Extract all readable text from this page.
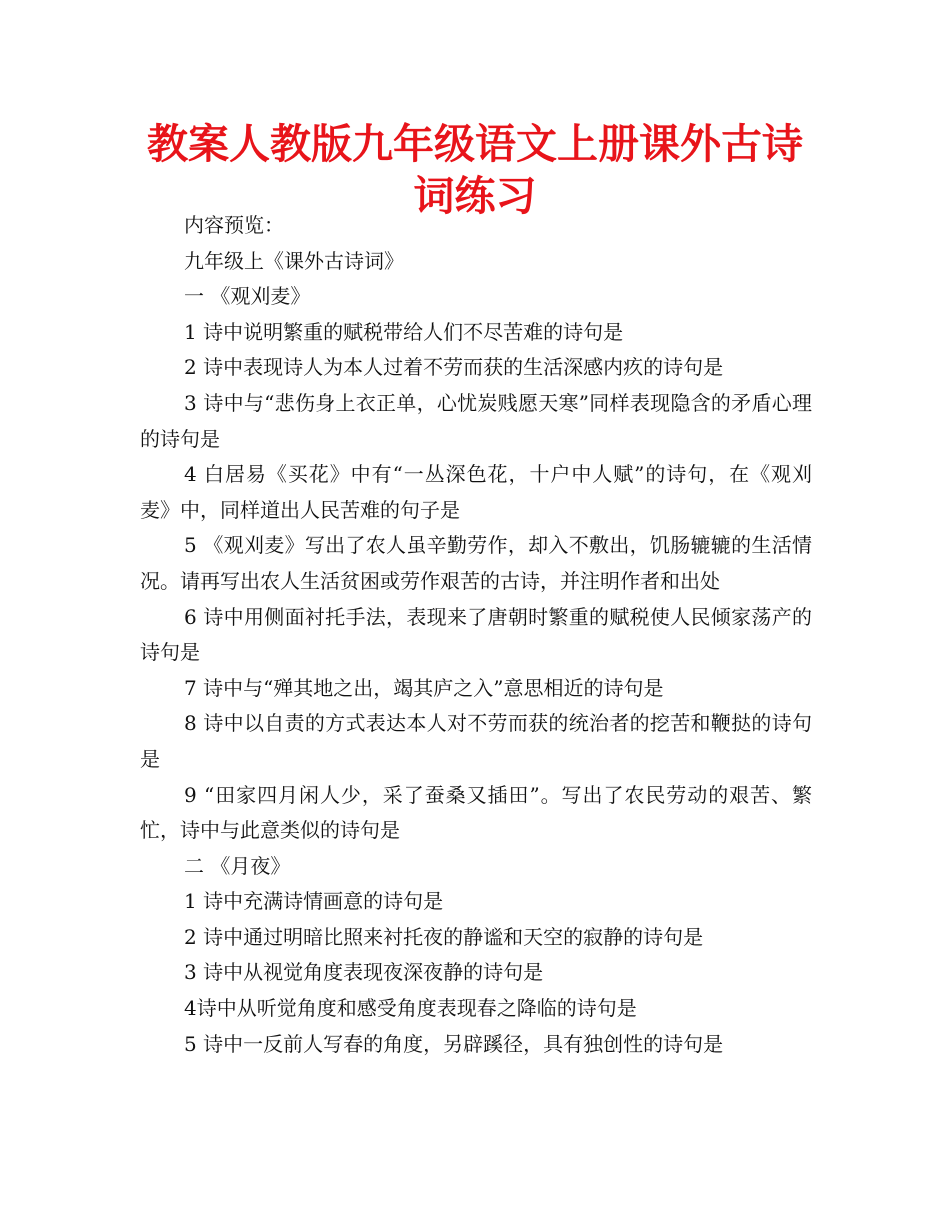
教案人教版九年级语文上册课外古诗词练习

内容预览：

九年级上《课外古诗词》

一 《观刈麦》

1 诗中说明繁重的赋税带给人们不尽苦难的诗句是

2 诗中表现诗人为本人过着不劳而获的生活深感内疚的诗句是

3 诗中与“悲伤身上衣正单，心忧炭贱愿天寒”同样表现隐含的矛盾心理的诗句是

4 白居易《买花》中有“一丛深色花，十户中人赋”的诗句，在《观刈麦》中，同样道出人民苦难的句子是

5 《观刈麦》写出了农人虽辛勤劳作，却入不敷出，饥肠辘辘的生活情况。请再写出农人生活贫困或劳作艰苦的古诗，并注明作者和出处

6 诗中用侧面衬托手法，表现来了唐朝时繁重的赋税使人民倾家荡产的诗句是

7 诗中与“殚其地之出，竭其庐之入”意思相近的诗句是

8 诗中以自责的方式表达本人对不劳而获的统治者的挖苦和鞭挞的诗句是

9 “田家四月闲人少，采了蚕桑又插田”。写出了农民劳动的艰苦、繁忙，诗中与此意类似的诗句是

二 《月夜》

1 诗中充满诗情画意的诗句是

2 诗中通过明暗比照来衬托夜的静谧和天空的寂静的诗句是

3 诗中从视觉角度表现夜深夜静的诗句是

4诗中从听觉角度和感受角度表现春之降临的诗句是

5 诗中一反前人写春的角度，另辟蹊径，具有独创性的诗句是
